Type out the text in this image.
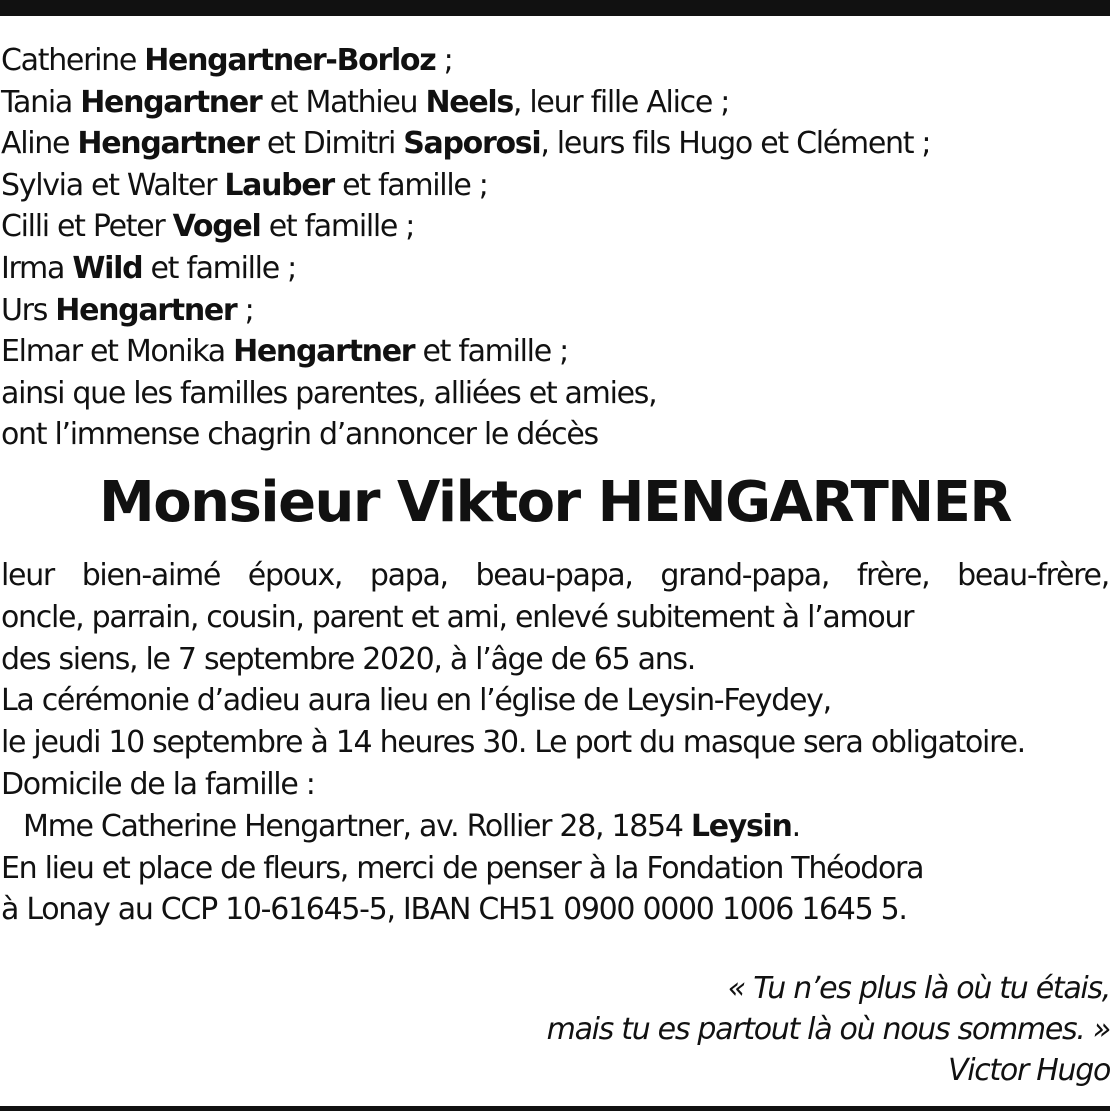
Catherine Hengartner-Borloz ;
Tania Hengartner et Mathieu Neels, leur fille Alice ;
Aline Hengartner et Dimitri Saporosi, leurs fils Hugo et Clément ;
Sylvia et Walter Lauber et famille ;
Cilli et Peter Vogel et famille ;
Irma Wild et famille ;
Urs Hengartner ;
Elmar et Monika Hengartner et famille ;
ainsi que les familles parentes, alliées et amies,
ont l’immense chagrin d’annoncer le décès
Monsieur Viktor HENGARTNER
leur bien-aimé époux, papa, beau-papa, grand-papa, frère, beau-frère,
oncle, parrain, cousin, parent et ami, enlevé subitement à l’amour
des siens, le 7 septembre 2020, à l’âge de 65 ans.
La cérémonie d’adieu aura lieu en l’église de Leysin-Feydey,
le jeudi 10 septembre à 14 heures 30. Le port du masque sera obligatoire.
Domicile de la famille :
Mme Catherine Hengartner, av. Rollier 28, 1854 Leysin.
En lieu et place de fleurs, merci de penser à la Fondation Théodora
à Lonay au CCP 10-61645-5, IBAN CH51 0900 0000 1006 1645 5.
« Tu n’es plus là où tu étais,
mais tu es partout là où nous sommes. »
Victor Hugo
